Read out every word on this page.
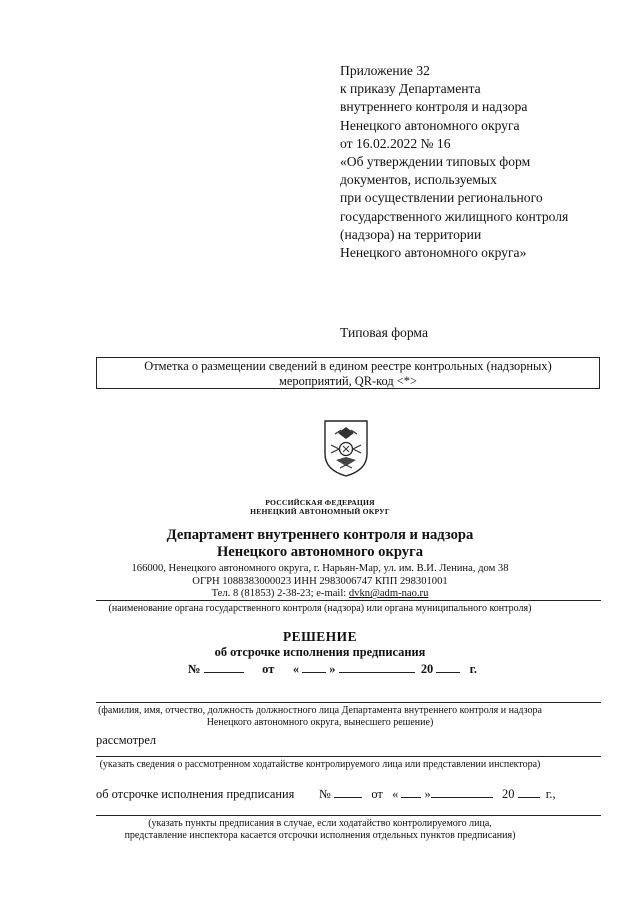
Приложение 32
к приказу Департамента
внутреннего контроля и надзора
Ненецкого автономного округа
от 16.02.2022 № 16
«Об утверждении типовых форм
документов, используемых
при осуществлении регионального
государственного жилищного контроля
(надзора) на территории
Ненецкого автономного округа»
Типовая форма
Отметка о размещении сведений в едином реестре контрольных (надзорных)
мероприятий, QR-код <*>
РОССИЙСКАЯ ФЕДЕРАЦИЯ
НЕНЕЦКИЙ АВТОНОМНЫЙ ОКРУГ
Департамент внутреннего контроля и надзора
Ненецкого автономного округа
166000, Ненецкого автономного округа, г. Нарьян-Мар, ул. им. В.И. Ленина, дом 38
ОГРН 1088383000023 ИНН 2983006747 КПП 298301001
Тел. 8 (81853) 2-38-23; e-mail: dvkn@adm-nao.ru
(наименование органа государственного контроля (надзора) или органа муниципального контроля)
РЕШЕНИЕ
об отсрочке исполнения предписания
№	от « »	20	г.
(фамилия, имя, отчество, должность должностного лица Департамента внутреннего контроля и надзора
Ненецкого автономного округа, вынесшего решение)
рассмотрел
(указать сведения о рассмотренном ходатайстве контролируемого лица или представлении инспектора)
об отсрочке исполнения предписания №	от « »	20	г.,
(указать пункты предписания в случае, если ходатайство контролируемого лица,
представление инспектора касается отсрочки исполнения отдельных пунктов предписания)
